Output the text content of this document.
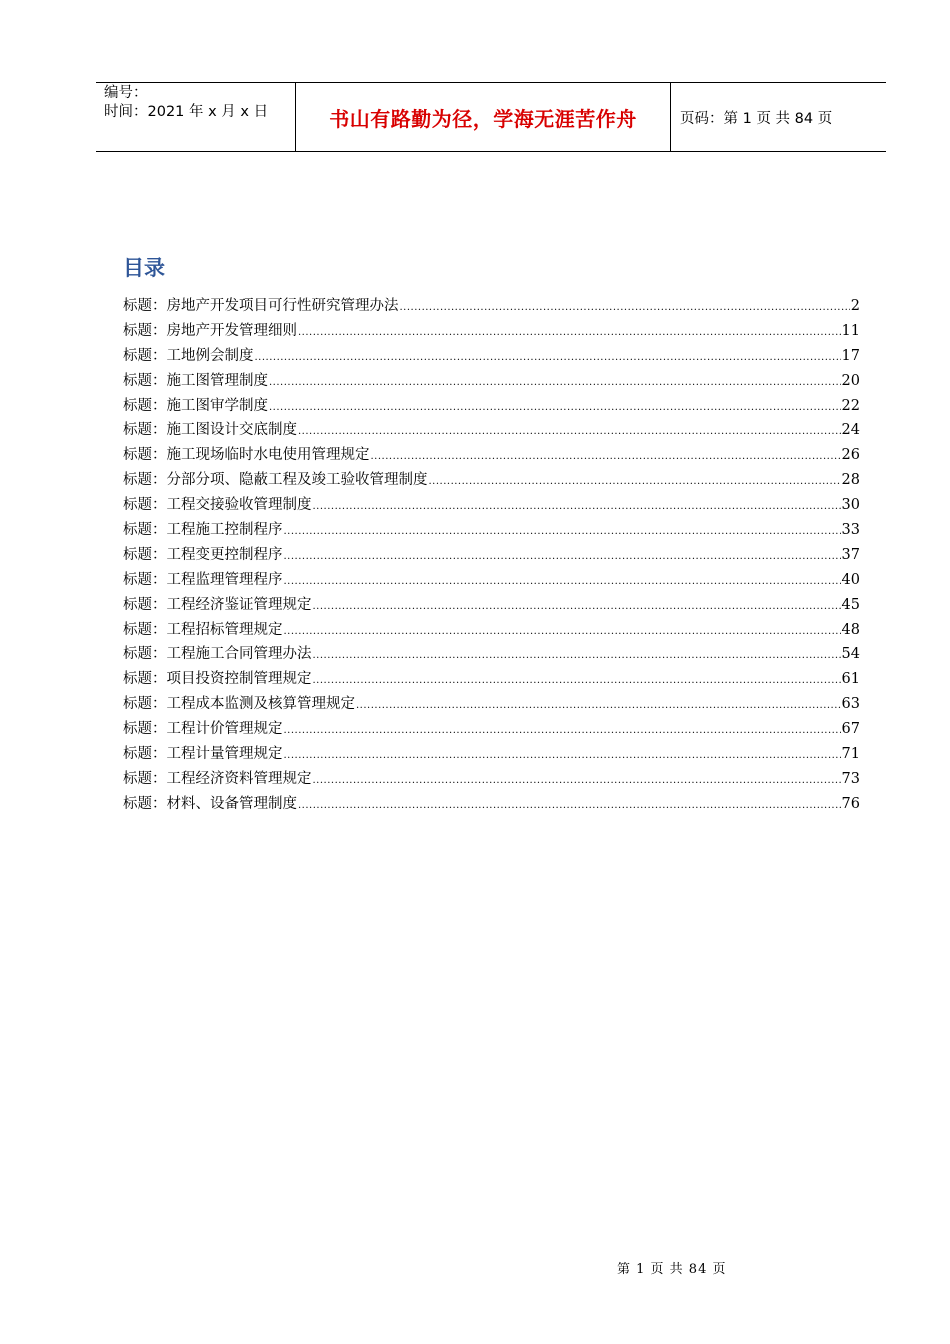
编号：
时间：2021 年 x 月 x 日	书山有路勤为径，学海无涯苦作舟	页码：第 1 页 共 84 页
目录
标题：房地产开发项目可行性研究管理办法 .....	2
标题：房地产开发管理细则 .....	11
标题：工地例会制度 .....	17
标题：施工图管理制度 .....	20
标题：施工图审学制度 .....	22
标题：施工图设计交底制度 .....	24
标题：施工现场临时水电使用管理规定 .....	26
标题：分部分项、隐蔽工程及竣工验收管理制度 .....	28
标题：工程交接验收管理制度 .....	30
标题：工程施工控制程序 .....	33
标题：工程变更控制程序 .....	37
标题：工程监理管理程序 .....	40
标题：工程经济鉴证管理规定 .....	45
标题：工程招标管理规定 .....	48
标题：工程施工合同管理办法 .....	54
标题：项目投资控制管理规定 .....	61
标题：工程成本监测及核算管理规定 .....	63
标题：工程计价管理规定 .....	67
标题：工程计量管理规定 .....	71
标题：工程经济资料管理规定 .....	73
标题：材料、设备管理制度 .....	76
第 1 页 共 84 页
